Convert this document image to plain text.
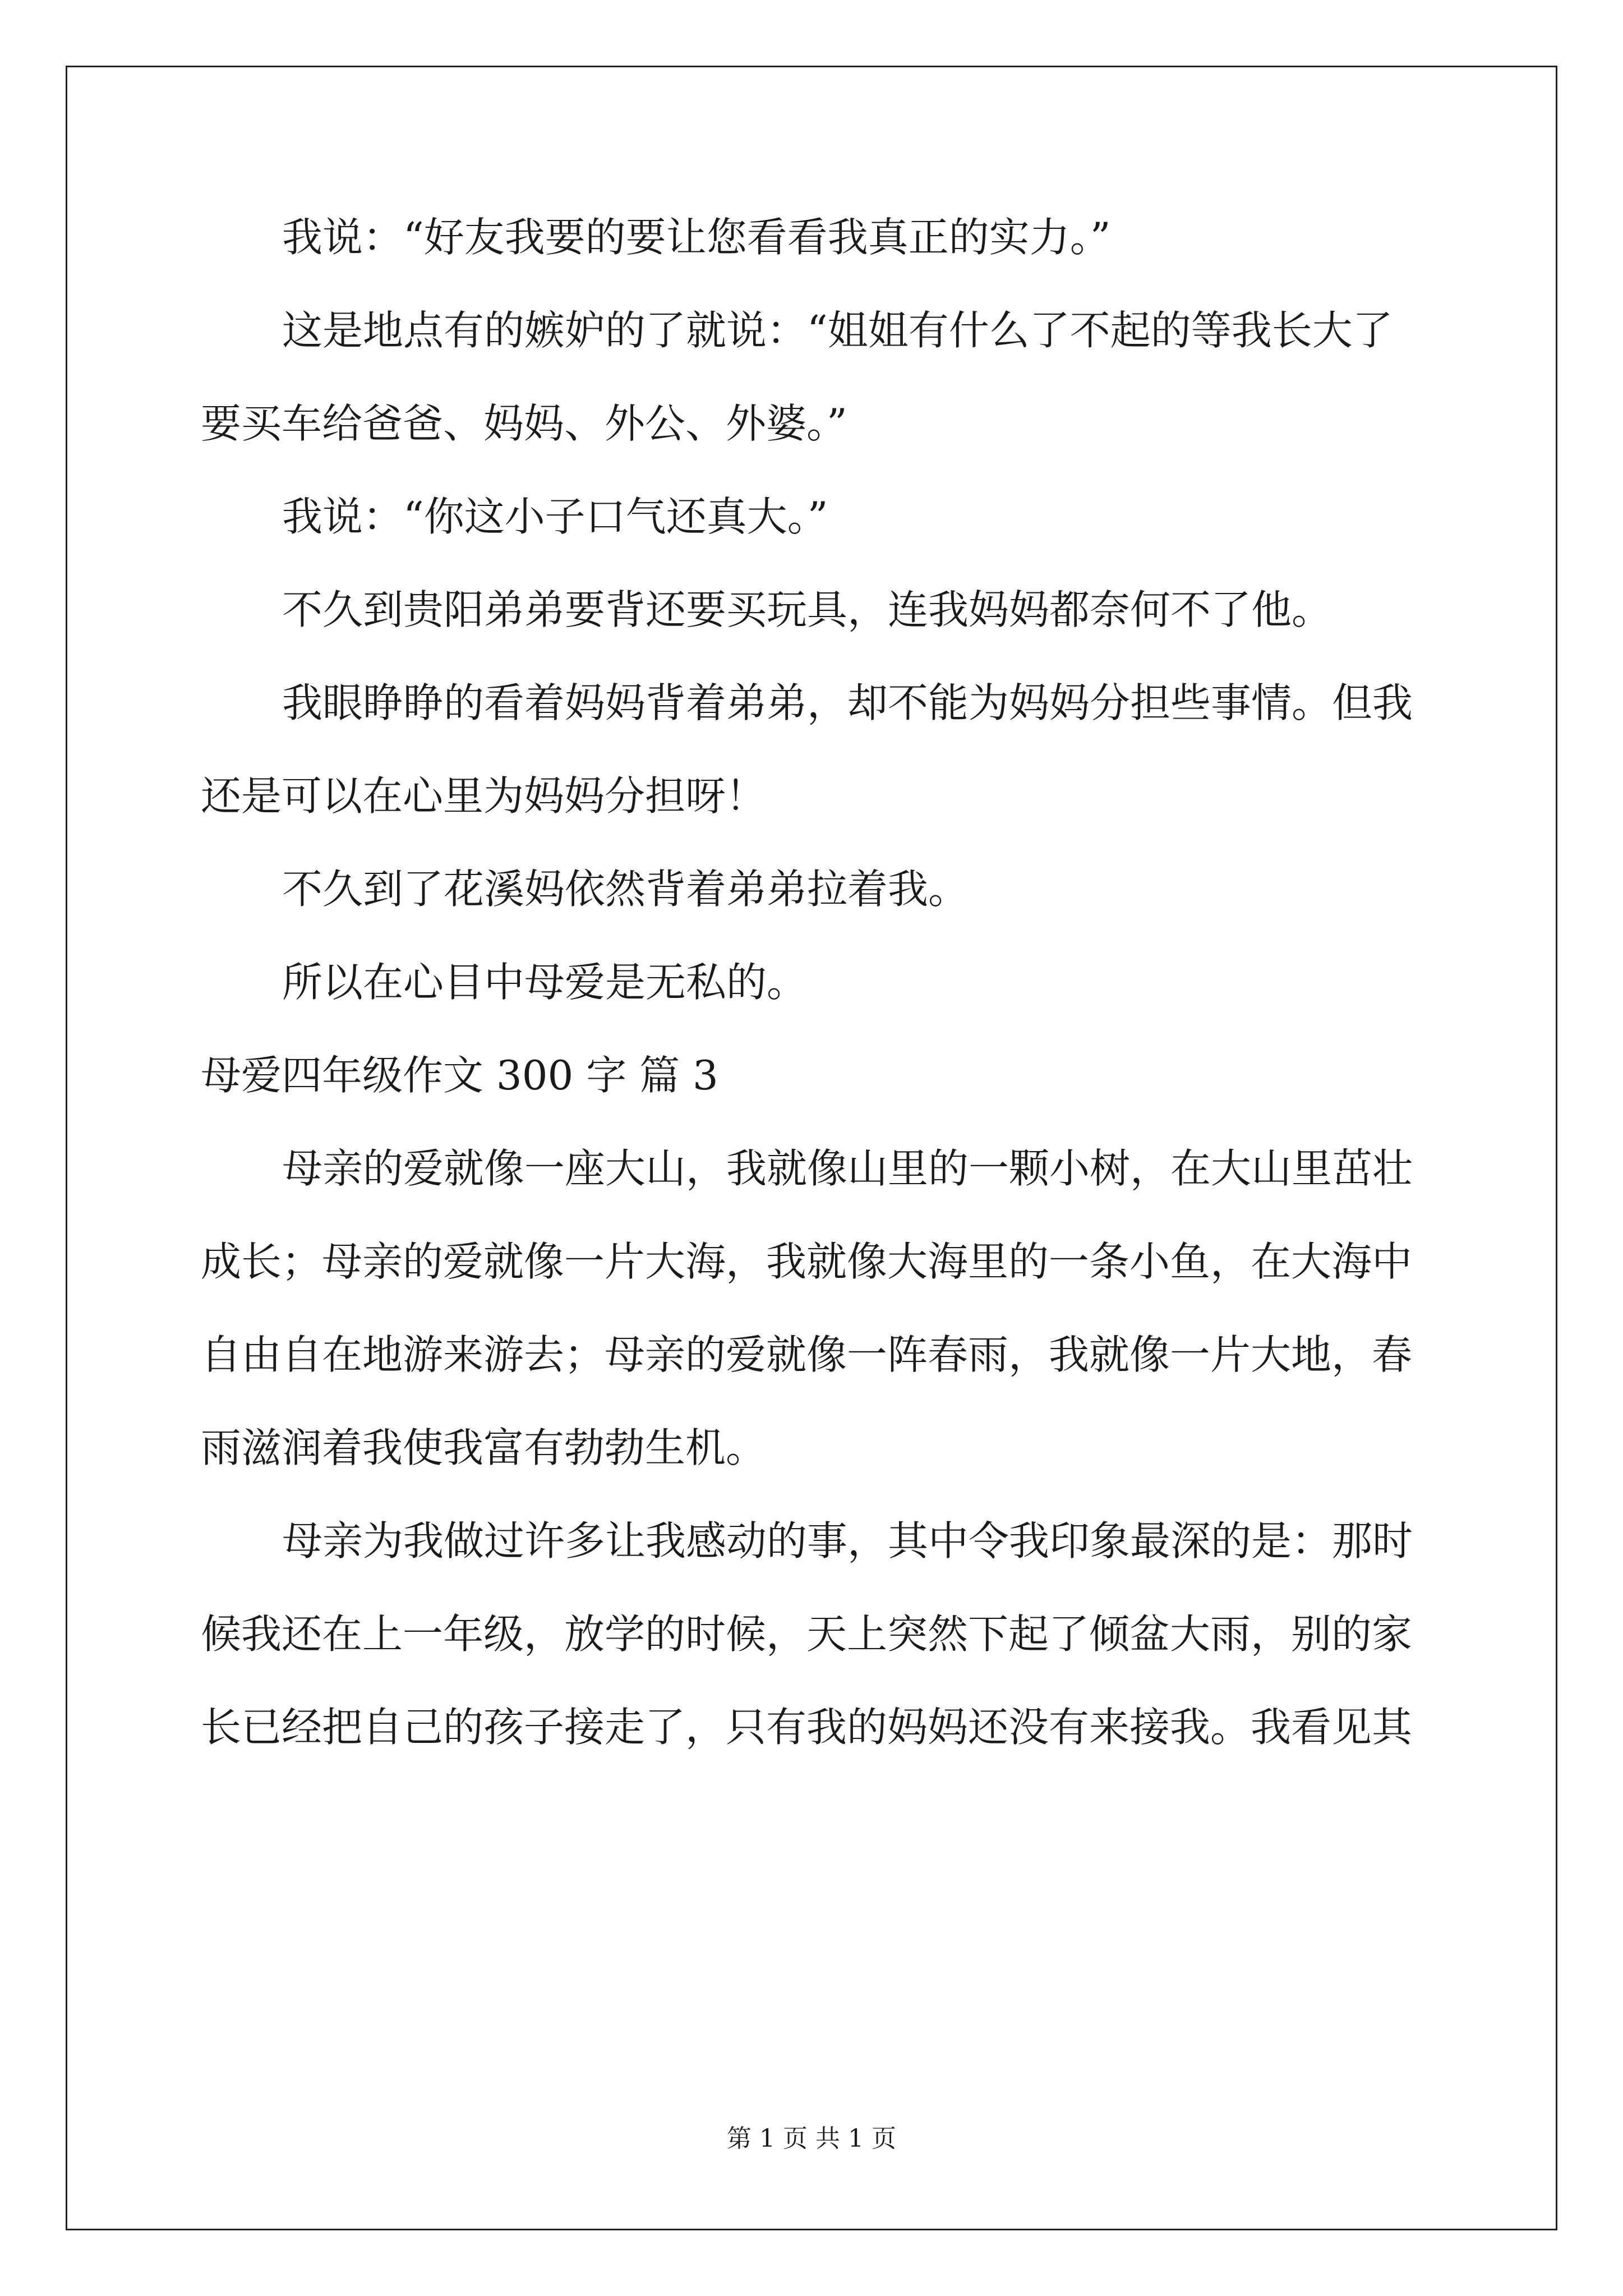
我说：“好友我要的要让您看看我真正的实力。”
这是地点有的嫉妒的了就说：“姐姐有什么了不起的等我长大了
要买车给爸爸、妈妈、外公、外婆。”
我说：“你这小子口气还真大。”
不久到贵阳弟弟要背还要买玩具，连我妈妈都奈何不了他。
我眼睁睁的看着妈妈背着弟弟，却不能为妈妈分担些事情。但我
还是可以在心里为妈妈分担呀！
不久到了花溪妈依然背着弟弟拉着我。
所以在心目中母爱是无私的。
母爱四年级作文 300 字 篇 3
母亲的爱就像一座大山，我就像山里的一颗小树，在大山里茁壮
成长；母亲的爱就像一片大海，我就像大海里的一条小鱼，在大海中
自由自在地游来游去；母亲的爱就像一阵春雨，我就像一片大地，春
雨滋润着我使我富有勃勃生机。
母亲为我做过许多让我感动的事，其中令我印象最深的是：那时
候我还在上一年级，放学的时候，天上突然下起了倾盆大雨，别的家
长已经把自己的孩子接走了，只有我的妈妈还没有来接我。我看见其
第 1 页 共 1 页
